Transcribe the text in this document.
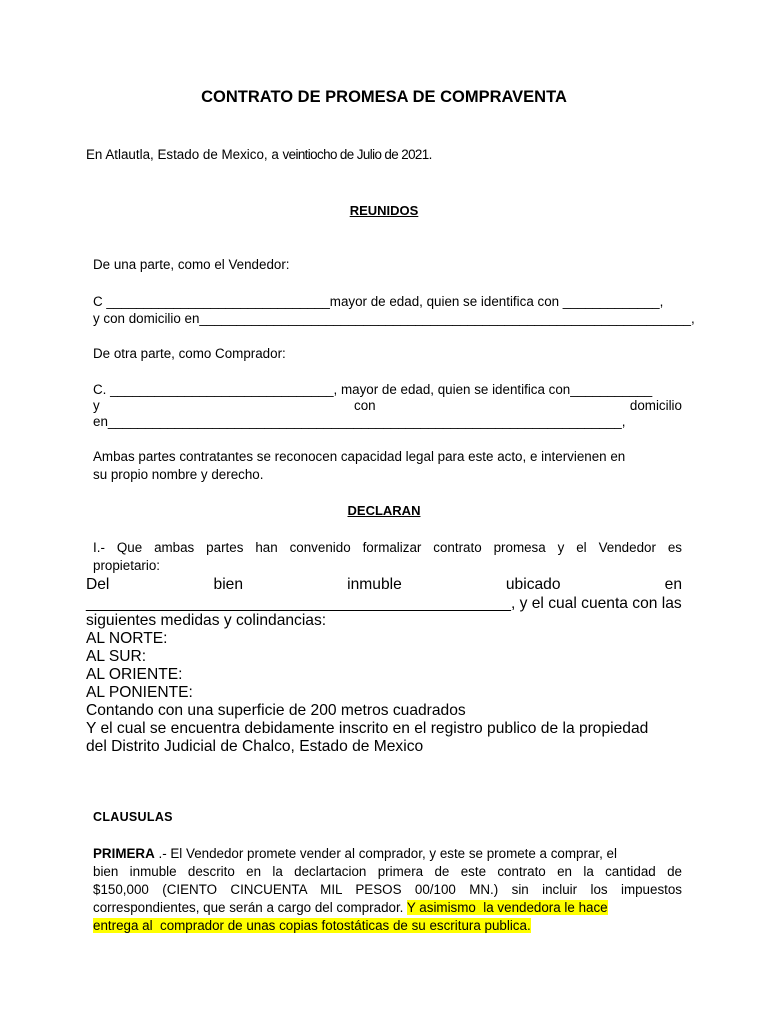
CONTRATO DE PROMESA DE COMPRAVENTA
En Atlautla, Estado de Mexico, a veintiocho de Julio de 2021.
REUNIDOS
De una parte, como el Vendedor:
C ______________________________mayor de edad, quien se identifica con _____________,
y con domicilio en__________________________________________________________________,
De otra parte, como Comprador:
C. ______________________________, mayor de edad, quien se identifica con___________
y	con	domicilio
en_____________________________________________________________________,
Ambas partes contratantes se reconocen capacidad legal para este acto, e intervienen en
su propio nombre y derecho.
DECLARAN
I.- Que ambas partes han convenido formalizar contrato promesa y el Vendedor es
propietario:
Del bien inmuble ubicado en
_________________________________________________, y el cual cuenta con las
siguientes medidas y colindancias:
AL NORTE:
AL SUR:
AL ORIENTE:
AL PONIENTE:
Contando con una superficie de 200 metros cuadrados
Y el cual se encuentra debidamente inscrito en el registro publico de la propiedad
del Distrito Judicial de Chalco, Estado de Mexico
CLAUSULAS
PRIMERA .- El Vendedor promete vender al comprador, y este se promete a comprar, el
bien inmuble descrito en la declartacion primera de este contrato en la cantidad de
$150,000 (CIENTO CINCUENTA MIL PESOS 00/100 MN.) sin incluir los impuestos
correspondientes, que serán a cargo del comprador. Y asimismo  la vendedora le hace
entrega al  comprador de unas copias fotostáticas de su escritura publica.
